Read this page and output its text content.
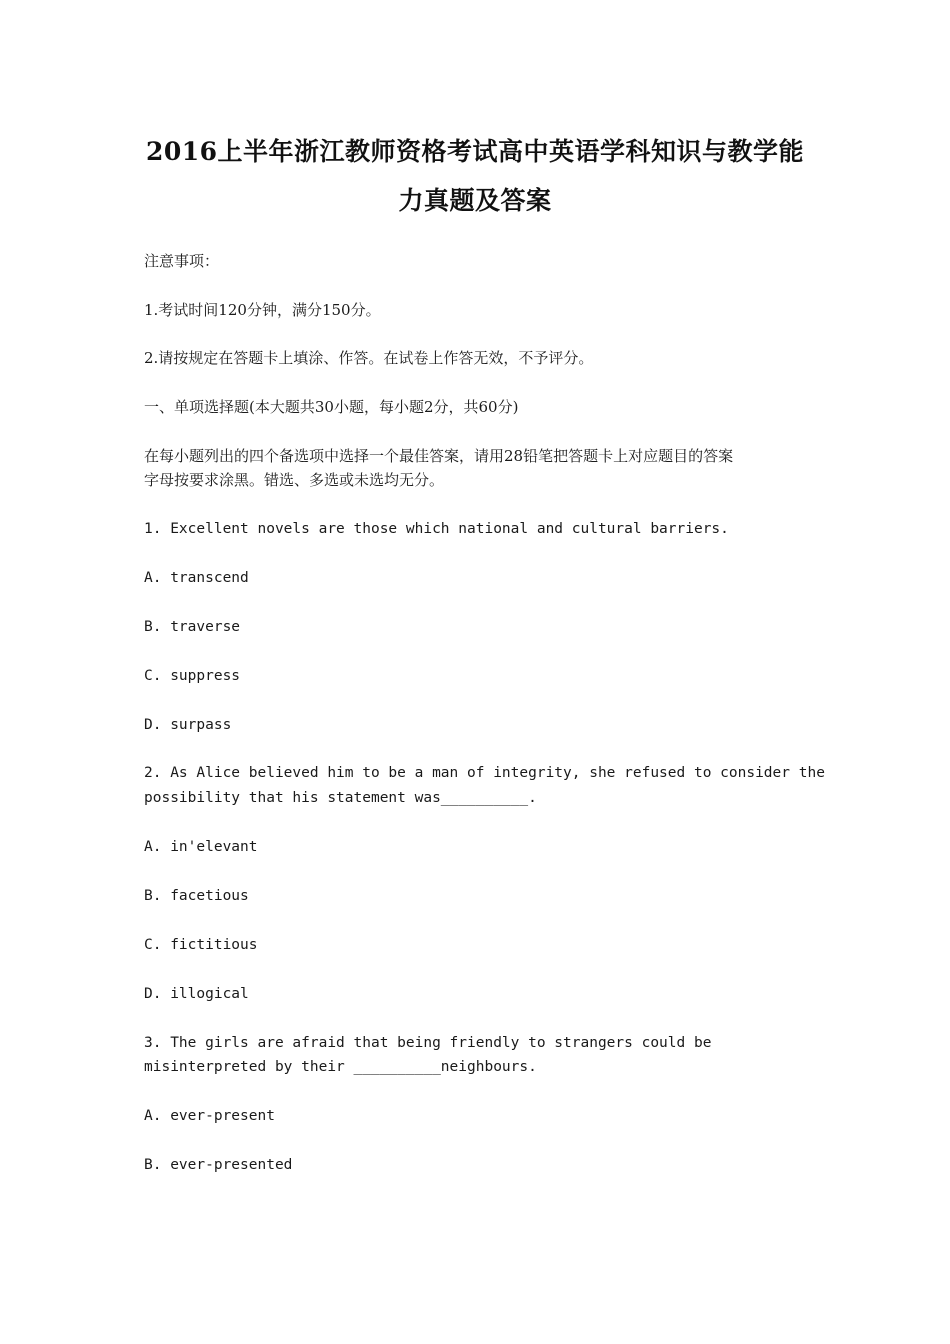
2016上半年浙江教师资格考试高中英语学科知识与教学能
力真题及答案
注意事项：
1.考试时间120分钟，满分150分。
2.请按规定在答题卡上填涂、作答。在试卷上作答无效，不予评分。
一、单项选择题(本大题共30小题，每小题2分，共60分)
在每小题列出的四个备选项中选择一个最佳答案，请用28铅笔把答题卡上对应题目的答案
字母按要求涂黑。错选、多选或未选均无分。
1. Excellent novels are those which national and cultural barriers.
A. transcend
B. traverse
C. suppress
D. surpass
2. As Alice believed him to be a man of integrity, she refused to consider the
possibility that his statement was__________.
A. in'elevant
B. facetious
C. fictitious
D. illogical
3. The girls are afraid that being friendly to strangers could be
misinterpreted by their __________neighbours.
A. ever-present
B. ever-presented
